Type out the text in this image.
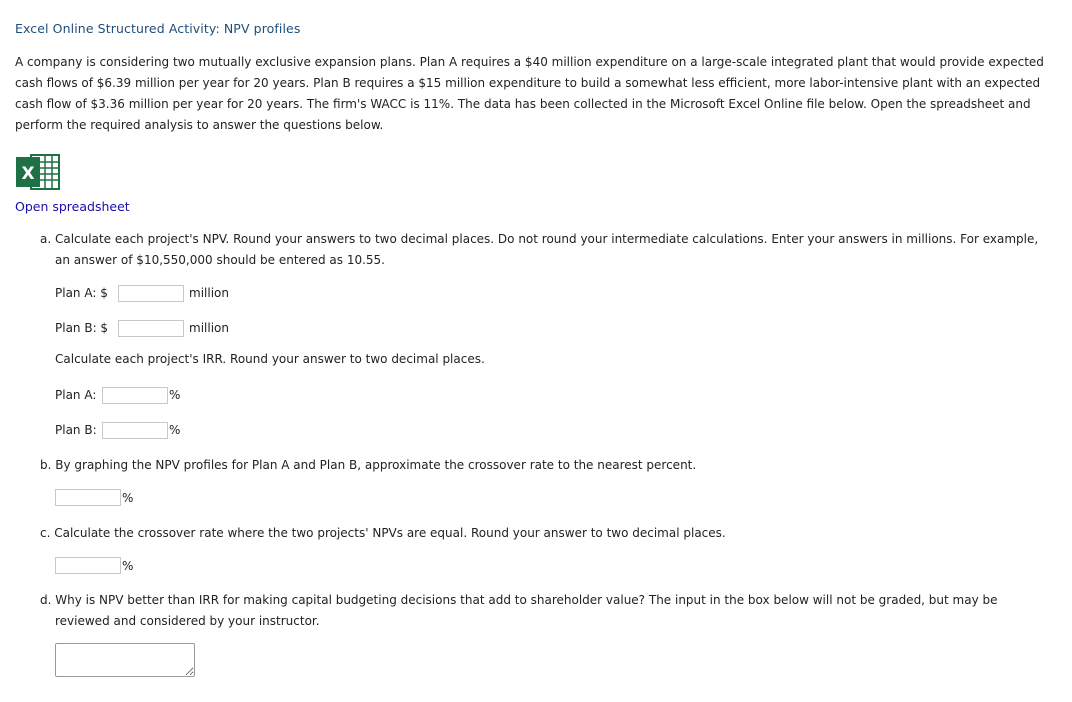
Excel Online Structured Activity: NPV profiles
A company is considering two mutually exclusive expansion plans. Plan A requires a $40 million expenditure on a large-scale integrated plant that would provide expected cash flows of $6.39 million per year for 20 years. Plan B requires a $15 million expenditure to build a somewhat less efficient, more labor-intensive plant with an expected cash flow of $3.36 million per year for 20 years. The firm's WACC is 11%. The data has been collected in the Microsoft Excel Online file below. Open the spreadsheet and perform the required analysis to answer the questions below.
X
Open spreadsheet
a. Calculate each project's NPV. Round your answers to two decimal places. Do not round your intermediate calculations. Enter your answers in millions. For example,
an answer of $10,550,000 should be entered as 10.55.
Plan A: $	million
Plan B: $	million
Calculate each project's IRR. Round your answer to two decimal places.
Plan A:	%
Plan B:	%
b. By graphing the NPV profiles for Plan A and Plan B, approximate the crossover rate to the nearest percent.
%
c. Calculate the crossover rate where the two projects' NPVs are equal. Round your answer to two decimal places.
%
d. Why is NPV better than IRR for making capital budgeting decisions that add to shareholder value? The input in the box below will not be graded, but may be
reviewed and considered by your instructor.
